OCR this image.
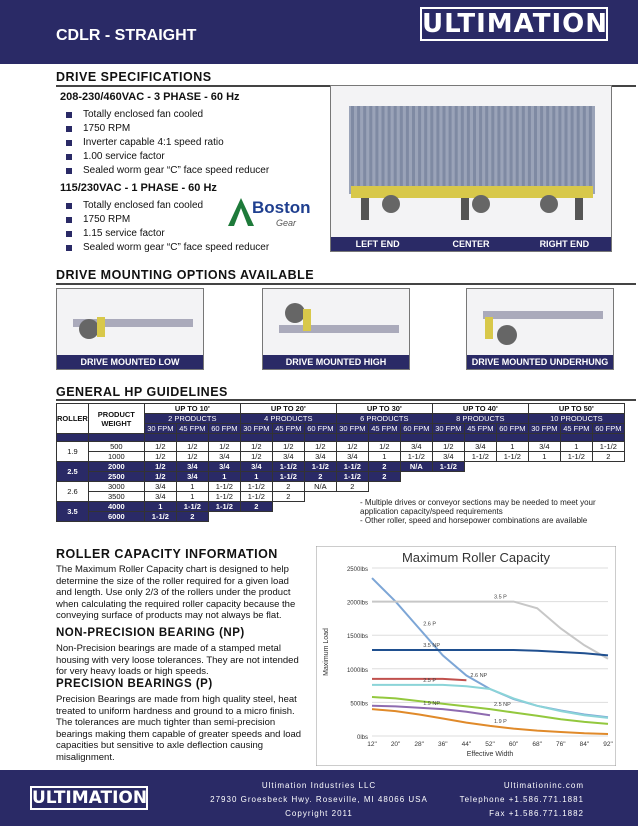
CDLR - STRAIGHT	ULTIMATION
DRIVE SPECIFICATIONS
208-230/460VAC - 3 PHASE - 60 Hz
Totally enclosed fan cooled
1750 RPM
Inverter capable 4:1 speed ratio
1.00 service factor
Sealed worm gear “C” face speed reducer
115/230VAC - 1 PHASE - 60 Hz
Totally enclosed fan cooled
1750 RPM
1.15 service factor
Sealed worm gear “C” face speed reducer
Boston
Gear
LEFT END	CENTER	RIGHT END
DRIVE MOUNTING OPTIONS AVAILABLE
DRIVE MOUNTED LOW	DRIVE MOUNTED HIGH	DRIVE MOUNTED UNDERHUNG
GENERAL HP GUIDELINES
ROLLER	PRODUCT WEIGHT	UP TO 10'			UP TO 20'			UP TO 30'			UP TO 40'			UP TO 50'		
		2 PRODUCTS			4 PRODUCTS			6 PRODUCTS			8 PRODUCTS			10 PRODUCTS		
		30 FPM	45 FPM	60 FPM	30 FPM	45 FPM	60 FPM	30 FPM	45 FPM	60 FPM	30 FPM	45 FPM	60 FPM	30 FPM	45 FPM	60 FPM

1.9	500	1/2	1/2	1/2	1/2	1/2	1/2	1/2	1/2	3/4	1/2	3/4	1	3/4	1	1-1/2
	1000	1/2	1/2	3/4	1/2	3/4	3/4	3/4	1	1-1/2	3/4	1-1/2	1-1/2	1	1-1/2	2
2.5	2000	1/2	3/4	3/4	3/4	1-1/2	1-1/2	1-1/2	2	N/A	1-1/2					
	2500	1/2	3/4	1	1	1-1/2	2	1-1/2	2							
2.6	3000	3/4	1	1-1/2	1-1/2	2	N/A	2								
	3500	3/4	1	1-1/2	1-1/2	2										
3.5	4000	1	1-1/2	1-1/2	2											
	6000	1-1/2	2													
- Multiple drives or conveyor sections may be needed to meet your application capacity/speed requirements
- Other roller, speed and horsepower combinations are available
ROLLER CAPACITY INFORMATION
The Maximum Roller Capacity chart is designed to help determine the size of the roller required for a given load and length. Use only 2/3 of the rollers under the product when calculating the required roller capacity because the conveying surface of products may not always be flat.
NON-PRECISION BEARING (NP)
Non-Precision bearings are made of a stamped metal housing with very loose tolerances. They are not intended for very heavy loads or high speeds.
PRECISION BEARINGS (P)
Precision Bearings are made from high quality steel, heat treated to uniform hardness and ground to a micro finish. The tolerances are much tighter than semi-precision bearings making them capable of greater speeds and load capacities but sensitive to axle deflection causing misalignment.
Maximum Roller Capacity
0lbs
500lbs
1000lbs
1500lbs
2000lbs
2500lbs
12" 20" 28" 36" 44" 52" 60" 68" 76" 84" 92"
Effective Width
Maximum Load
2.6 P
3.5 P
3.5 NP
2.6 NP
2.5 P
2.5 NP
1.9 NP
1.9 P
ULTIMATION
Ultimation Industries LLC
27930 Groesbeck Hwy. Roseville, MI 48066 USA
Copyright 2011
Ultimationinc.com
Telephone +1.586.771.1881
Fax +1.586.771.1882
